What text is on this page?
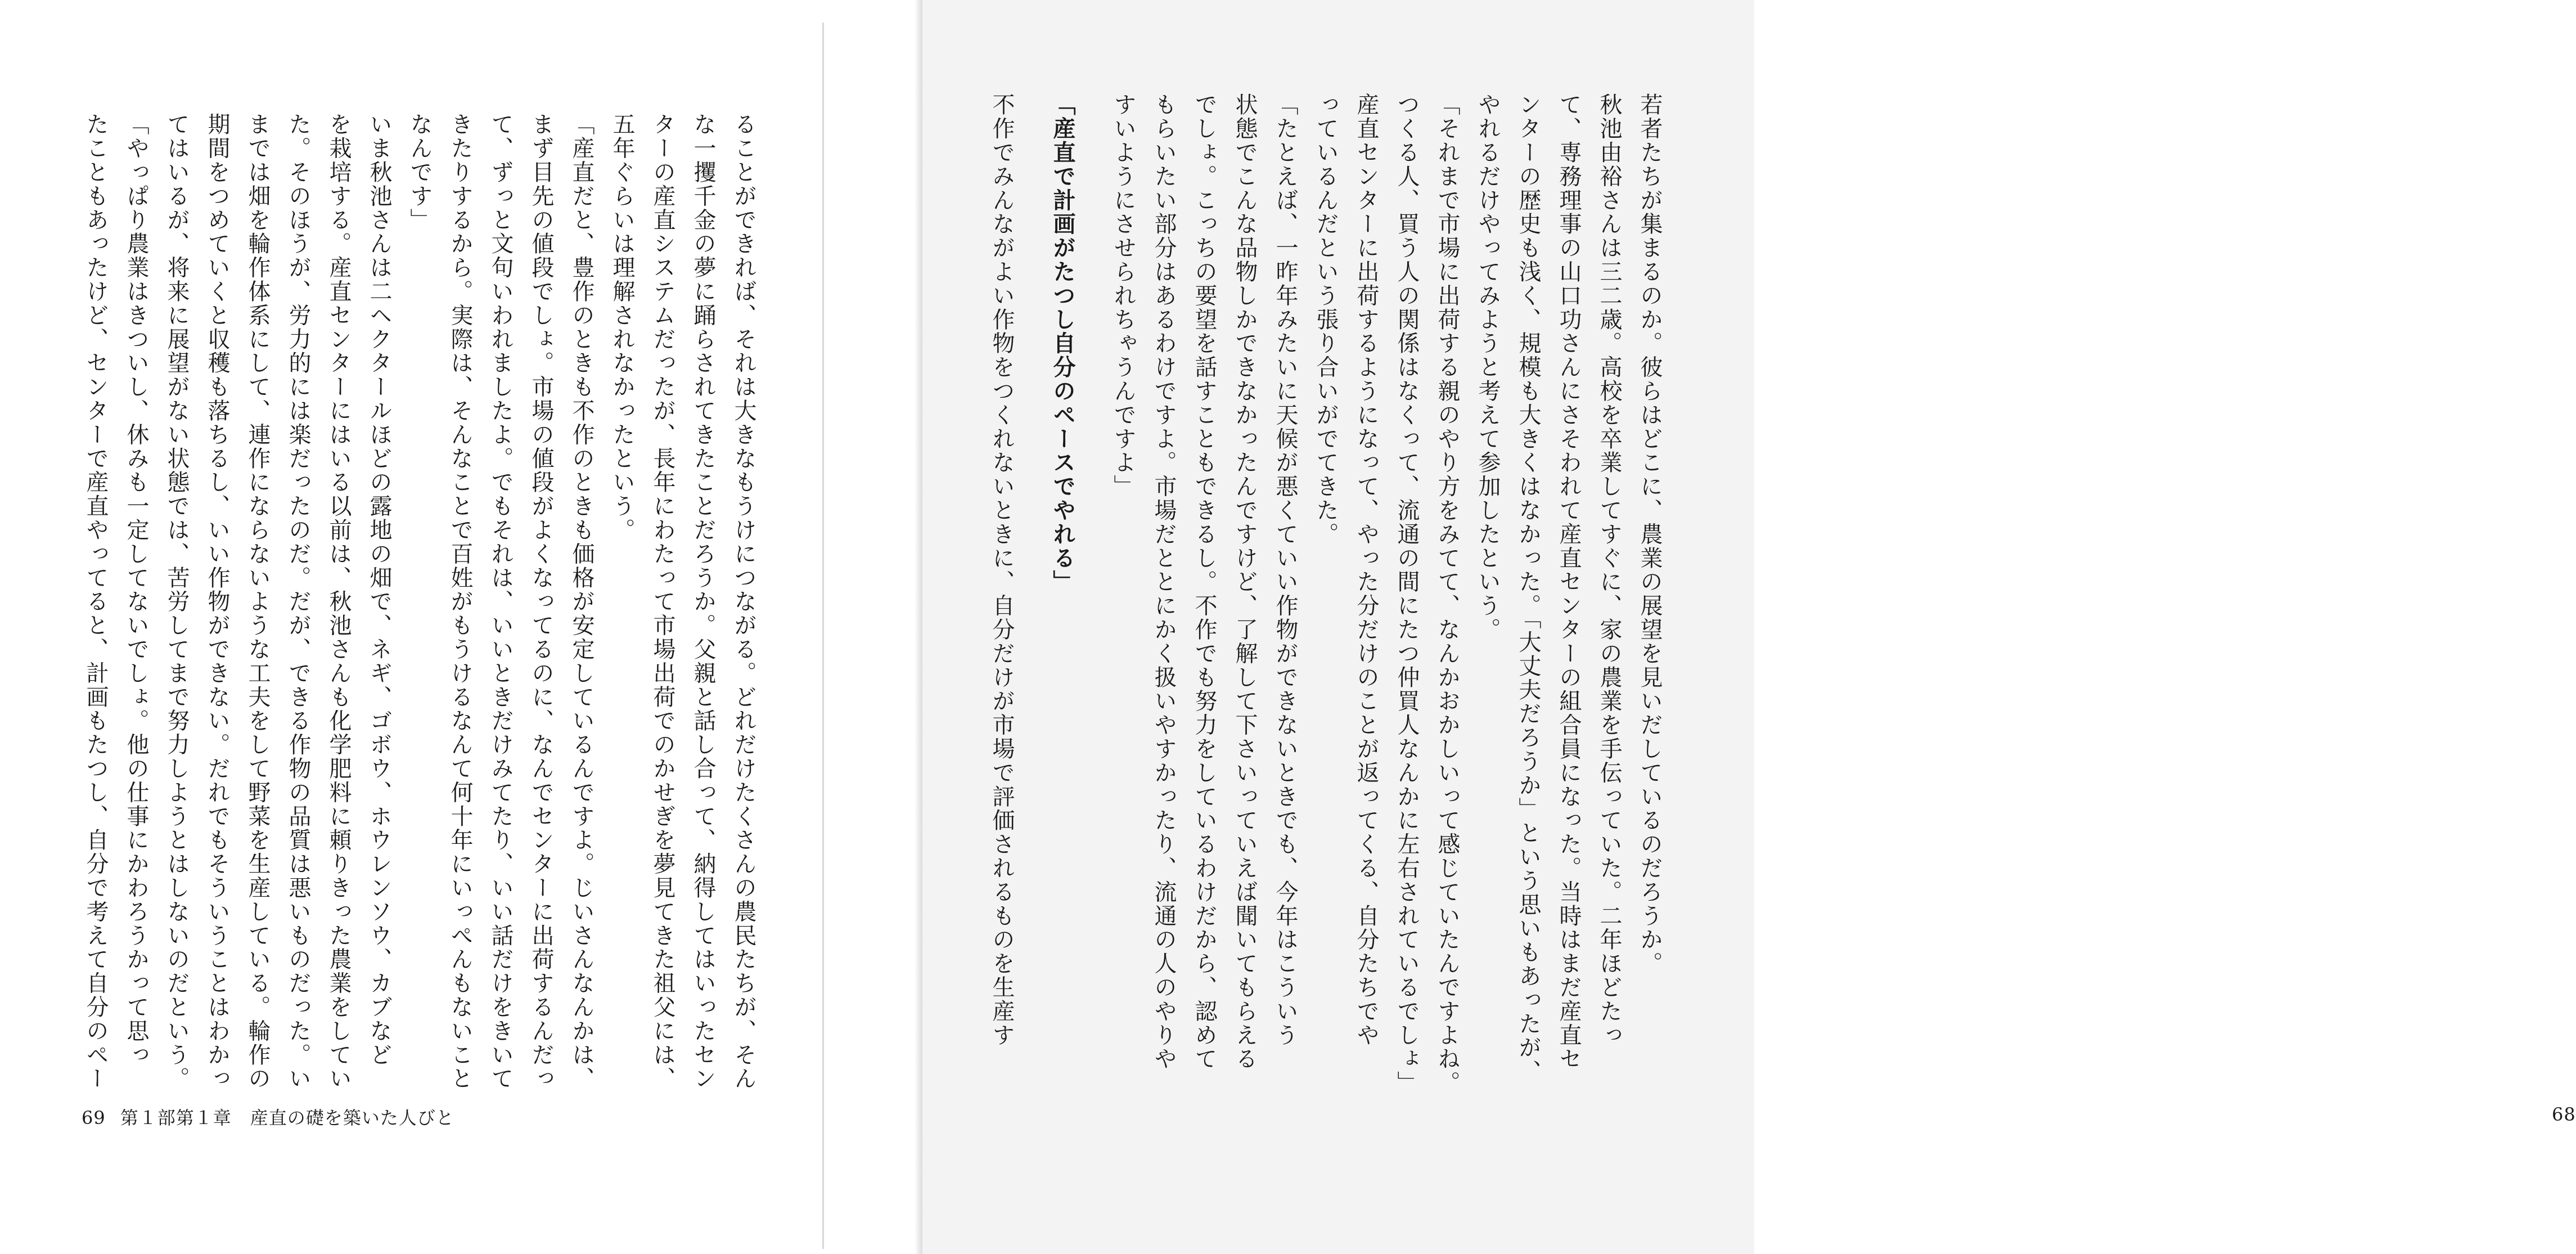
ることができれば、それは大きなもうけにつながる。どれだけたくさんの農民たちが、そん
な一攫千金の夢に踊らされてきたことだろうか。父親と話し合って、納得してはいったセン
ターの産直システムだったが、長年にわたって市場出荷でのかせぎを夢見てきた祖父には、
五年ぐらいは理解されなかったという。
「産直だと、豊作のときも不作のときも価格が安定しているんですよ。じいさんなんかは、
まず目先の値段でしょ。市場の値段がよくなってるのに、なんでセンターに出荷するんだっ
て、ずっと文句いわれましたよ。でもそれは、いいときだけみてたり、いい話だけをきいて
きたりするから。実際は、そんなことで百姓がもうけるなんて何十年にいっぺんもないこと
なんです」
いま秋池さんは二ヘクタールほどの露地の畑で、ネギ、ゴボウ、ホウレンソウ、カブなど
を栽培する。産直センターにはいる以前は、秋池さんも化学肥料に頼りきった農業をしてい
た。そのほうが、労力的には楽だったのだ。だが、できる作物の品質は悪いものだった。い
までは畑を輪作体系にして、連作にならないような工夫をして野菜を生産している。輪作の
期間をつめていくと収穫も落ちるし、いい作物ができない。だれでもそういうことはわかっ
てはいるが、将来に展望がない状態では、苦労してまで努力しようとはしないのだという。
「やっぱり農業はきついし、休みも一定してないでしょ。他の仕事にかわろうかって思っ
たこともあったけど、センターで産直やってると、計画もたつし、自分で考えて自分のペー
69 第１部第１章　産直の礎を築いた人びと
若者たちが集まるのか。彼らはどこに、農業の展望を見いだしているのだろうか。
秋池由裕さんは三二歳。高校を卒業してすぐに、家の農業を手伝っていた。二年ほどたっ
て、専務理事の山口功さんにさそわれて産直センターの組合員になった。当時はまだ産直セ
ンターの歴史も浅く、規模も大きくはなかった。「大丈夫だろうか」という思いもあったが、
やれるだけやってみようと考えて参加したという。
「それまで市場に出荷する親のやり方をみてて、なんかおかしいって感じていたんですよね。
つくる人、買う人の関係はなくって、流通の間にたつ仲買人なんかに左右されているでしょ」
産直センターに出荷するようになって、やった分だけのことが返ってくる、自分たちでや
っているんだという張り合いがでてきた。
「たとえば、一昨年みたいに天候が悪くていい作物ができないときでも、今年はこういう
状態でこんな品物しかできなかったんですけど、了解して下さいっていえば聞いてもらえる
でしょ。こっちの要望を話すこともできるし。不作でも努力をしているわけだから、認めて
もらいたい部分はあるわけですよ。市場だととにかく扱いやすかったり、流通の人のやりや
すいようにさせられちゃうんですよ」
「産直で計画がたつし自分のペースでやれる」
不作でみんながよい作物をつくれないときに、自分だけが市場で評価されるものを生産す
68
